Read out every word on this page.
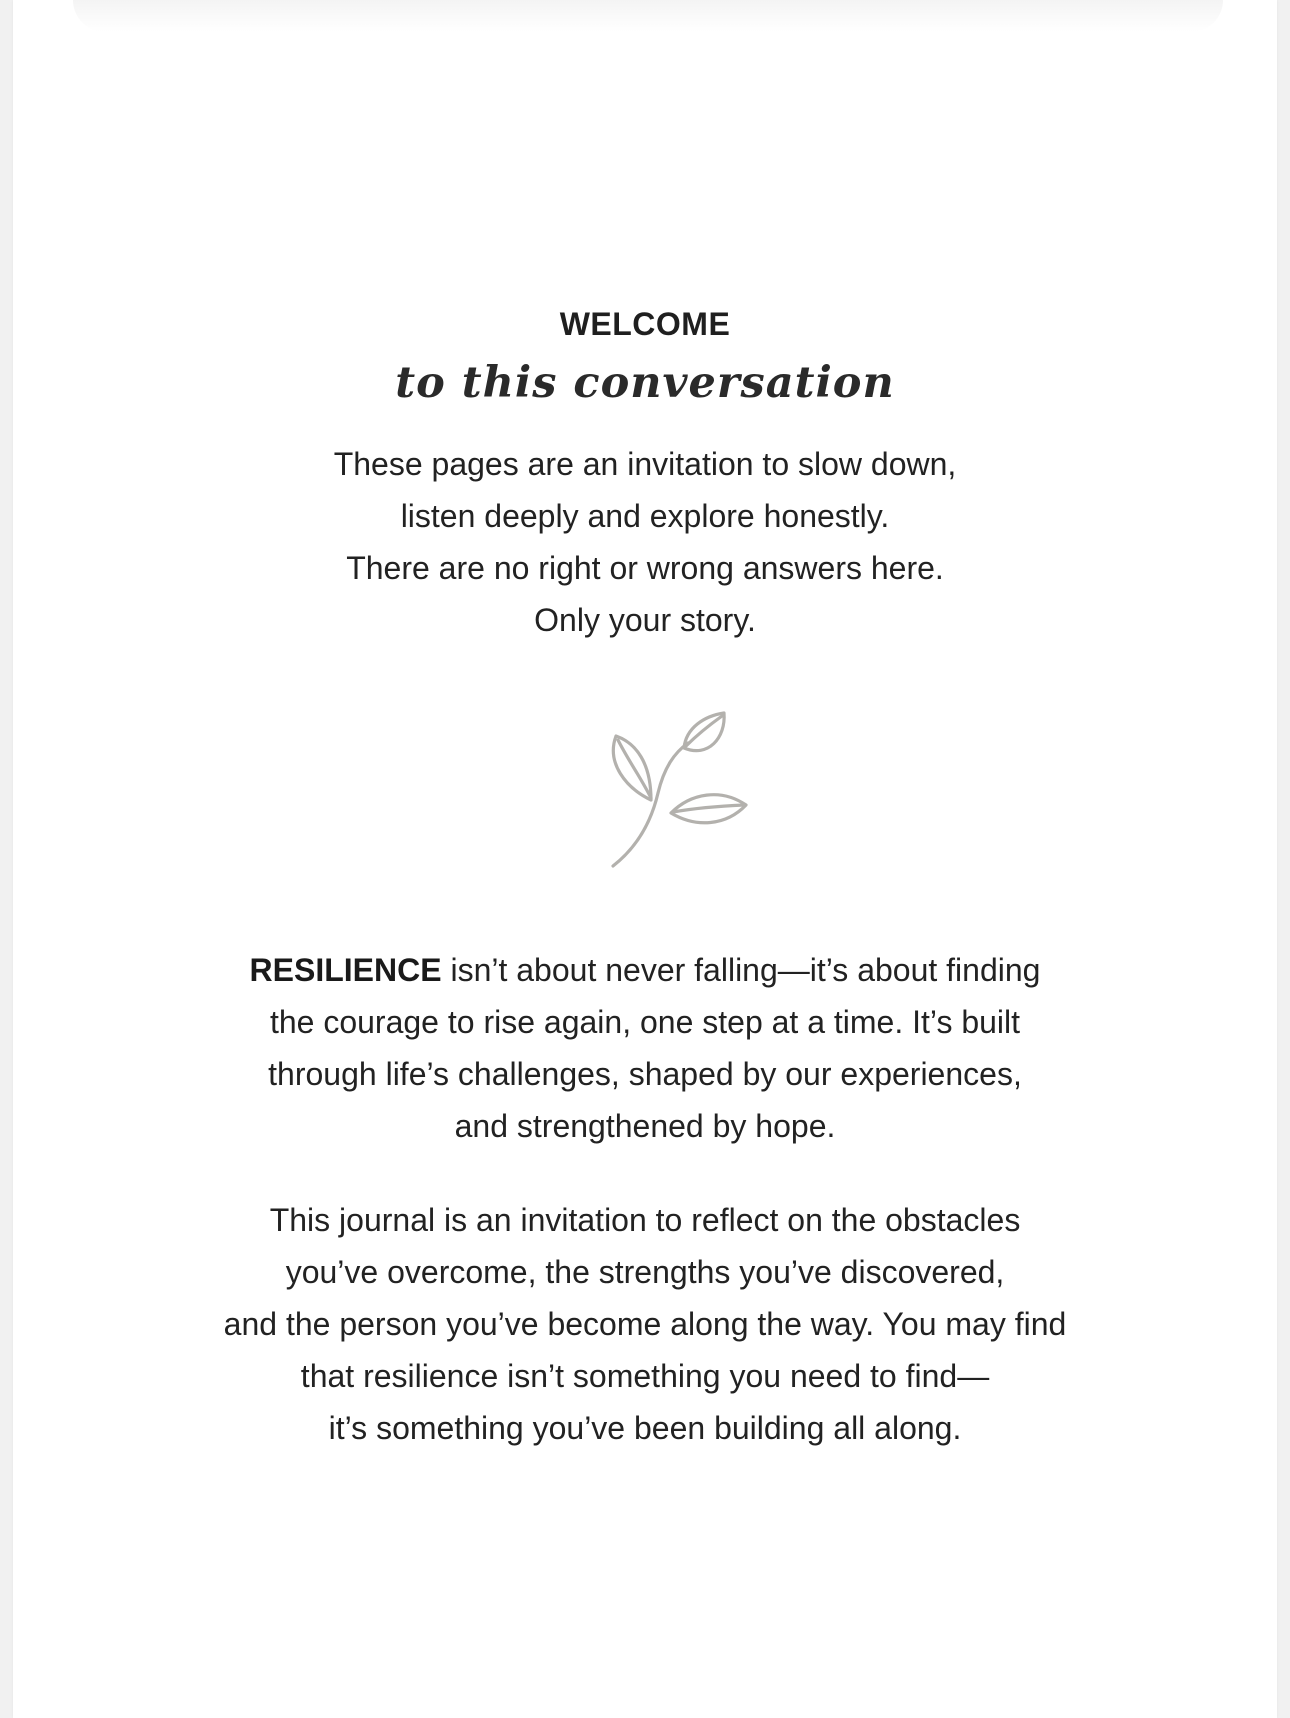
WELCOME
to this conversation
These pages are an invitation to slow down,
listen deeply and explore honestly.
There are no right or wrong answers here.
Only your story.
RESILIENCE isn’t about never falling—it’s about finding
the courage to rise again, one step at a time. It’s built
through life’s challenges, shaped by our experiences,
and strengthened by hope.
This journal is an invitation to reflect on the obstacles
you’ve overcome, the strengths you’ve discovered,
and the person you’ve become along the way. You may find
that resilience isn’t something you need to find—
it’s something you’ve been building all along.
